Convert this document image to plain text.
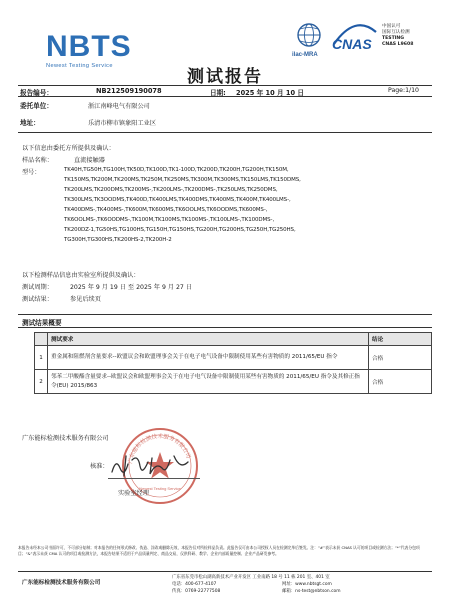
NBTS
Newest Testing Service
ilac-MRA
CNAS
中国认可
国际互认检测
TESTING
CNAS L9608
测试报告
报告编号：	NB212509190078	日期: 2025 年 10 月 10 日	Page:1/10
委托单位：	浙江南峰电气有限公司
地址：	乐清市柳市镇象阳工业区
以下信息由委托方所提供及确认：
样品名称：	直流接触器
型号：	TK40H,TG50H,TG100H,TK50D,TK100D,TK1-100D,TK200D,TK200H,TG200H,TK150M,
TK150MS,TK200M,TK200MS,TK250M,TK250MS,TK300M,TK300MS,TK150LMS,TK150DMS,
TK200LMS,TK200DMS,TK200MS-,TK200LMS-,TK200DMS-,TK250LMS,TK250DMS,
TK300LMS,TK3OODMS,TK400D,TK400LMS,TK400DMS,TK400MS,TK400M,TK400LMS-,
TK400DMS-,TK400MS-,TK600M,TK600MS,TK6OOLMS,TK6OODMS,TK600MS-,
TK6OOLMS-,TK6OODMS-,TK100M,TK100MS,TK100MS-,TK100LMS-,TK100DMS-,
TK200DZ-1,TG50HS,TG100HS,TG150H,TG150HS,TG200H,TG200HS,TG250H,TG250HS,
TG300H,TG300HS,TK200HS-2,TK200H-2
以下检测样品信息由实验室所提供及确认：
测试周期：	2025 年 9 月 19 日 至 2025 年 9 月 27 日
测试结果：	参见后续页
测试结果概要
	测试要求	结论
1	重金属和阻燃剂含量要求--欧盟议会和欧盟理事会关于在电子电气设备中限制使用某些有害物质的 2011/65/EU 指令	合格
2	邻苯二甲酸酯含量要求--欧盟议会和欧盟理事会关于在电子电气设备中限制使用某些有害物质的 2011/65/EU 指令及其修正指令(EU) 2015/863	合格
广东能标检测技术服务有限公司
广东能标检测技术服务有限公司
Newest Testing Service
核准：
实验室经理
本报告未经本公司书面许可，不可部分复制；对本报告的任何形式修改、伪造、涂改或删除无效，本报告仅对所检样品负责。此报告仅可由本公司授权人员在检测完毕后签发。注：“#”表示未获 CNAS 认可的项目或检测方法；“*”代表分包项目；“&”表示未获 CMA 认可的项目或检测方法，本报告结果不适用于产品质量判定、商品交易，仅供科研、教学、企业内部质量控制、企业产品研发参考。
广东能标检测技术服务有限公司
广东省东莞市松山湖高新技术产业开发区 工业南路 18 号 11 栋 201 室、401 室
电话：400-677-4107	网址：www.nbtsgt.com
传真：0769-22777508	邮箱：ns-test@nbtson.com
